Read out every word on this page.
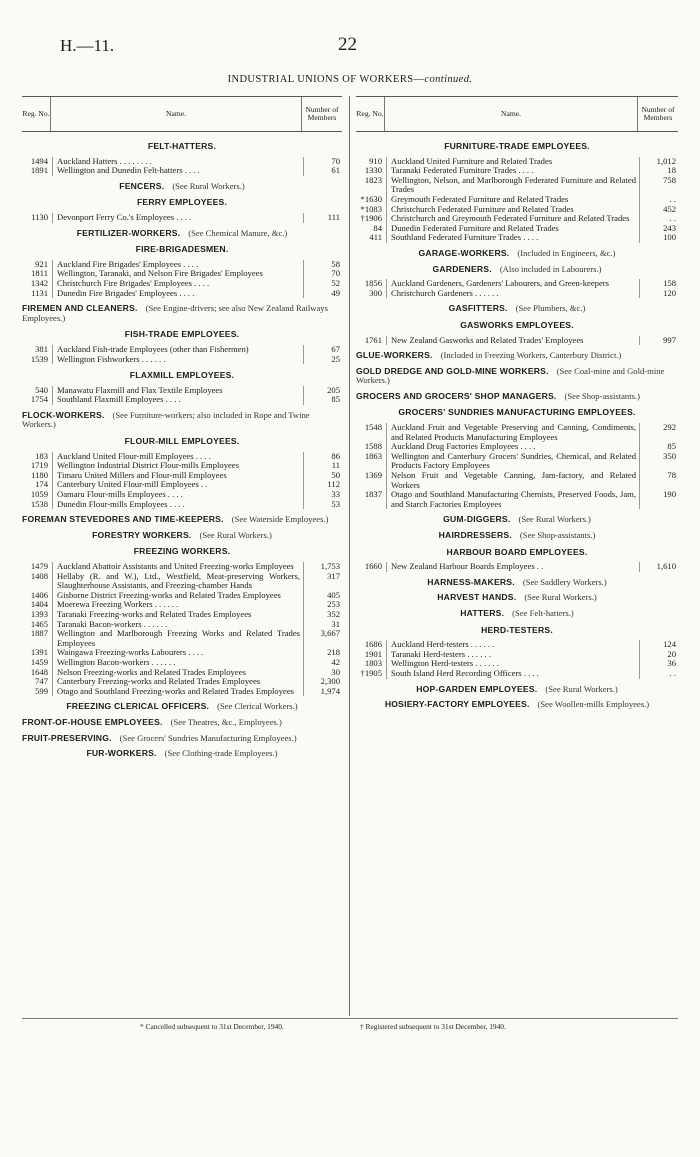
H.—11.	22
INDUSTRIAL UNIONS OF WORKERS—continued.
Reg. No.	Name.	Number of Members
FELT-HATTERS.
1494	Auckland Hatters . . . . . . . .	70
1891	Wellington and Dunedin Felt-hatters . . . .	61
FENCERS. (See Rural Workers.)
FERRY EMPLOYEES.
1130	Devonport Ferry Co.'s Employees . . . .	111
FERTILIZER-WORKERS. (See Chemical Manure, &c.)
FIRE-BRIGADESMEN.
921	Auckland Fire Brigades' Employees . . . .	58
1811	Wellington, Taranaki, and Nelson Fire Brigades' Employees	70
1342	Christchurch Fire Brigades' Employees . . . .	52
1131	Dunedin Fire Brigades' Employees . . . .	49
FIREMEN AND CLEANERS. (See Engine-drivers; see also New Zealand Railways Employees.)
FISH-TRADE EMPLOYEES.
381	Auckland Fish-trade Employees (other than Fishermen)	67
1539	Wellington Fishworkers . . . . . .	25
FLAXMILL EMPLOYEES.
540	Manawatu Flaxmill and Flax Textile Employees	205
1754	Southland Flaxmill Employees . . . .	85
FLOCK-WORKERS. (See Furniture-workers; also included in Rope and Twine Workers.)
FLOUR-MILL EMPLOYEES.
183	Auckland United Flour-mill Employees . . . .	86
1719	Wellington Industrial District Flour-mills Employees	11
1180	Timaru United Millers and Flour-mill Employees	50
174	Canterbury United Flour-mill Employees . .	112
1059	Oamaru Flour-mills Employees . . . .	33
1538	Dunedin Flour-mills Employees . . . .	53
FOREMAN STEVEDORES AND TIME-KEEPERS. (See Waterside Employees.)
FORESTRY WORKERS. (See Rural Workers.)
FREEZING WORKERS.
1479	Auckland Abattoir Assistants and United Freezing-works Employees	1,753
1408	Hellaby (R. and W.), Ltd., Westfield, Meat-preserving Workers, Slaughterhouse Assistants, and Freezing-chamber Hands
317
1406	Gisborne District Freezing-works and Related Trades Employees	405
1404	Moerewa Freezing Workers . . . . . .	253
1393	Taranaki Freezing-works and Related Trades Employees	352
1465	Taranaki Bacon-workers . . . . . .	31
1887	Wellington and Marlborough Freezing Works and Related Trades Employees
3,667
1391	Waingawa Freezing-works Labourers . . . .	218
1459	Wellington Bacon-workers . . . . . .	42
1648	Nelson Freezing-works and Related Trades Employees	30
747	Canterbury Freezing-works and Related Trades Employees	2,300
599	Otago and Southland Freezing-works and Related Trades Employees	1,974
FREEZING CLERICAL OFFICERS. (See Clerical Workers.)
FRONT-OF-HOUSE EMPLOYEES. (See Theatres, &c., Employees.)
FRUIT-PRESERVING. (See Grocers' Sundries Manufacturing Employees.)
FUR-WORKERS. (See Clothing-trade Employees.)
Reg. No.	Name.	Number of Members
FURNITURE-TRADE EMPLOYEES.
910	Auckland United Furniture and Related Trades	1,012
1330	Taranaki Federated Furniture Trades . . . .	18
1823	Wellington, Nelson, and Marlborough Federated Furniture and Related Trades
758
*1630	Greymouth Federated Furniture and Related Trades	. .
*1083	Christchurch Federated Furniture and Related Trades	452
†1906	Christchurch and Greymouth Federated Furniture and Related Trades	. .
84	Dunedin Federated Furniture and Related Trades	243
411	Southland Federated Furniture Trades . . . .	100
GARAGE-WORKERS. (Included in Engineers, &c.)
GARDENERS. (Also included in Labourers.)
1856	Auckland Gardeners, Gardeners' Labourers, and Green-keepers	158
300	Christchurch Gardeners . . . . . .	120
GASFITTERS. (See Plumbers, &c.)
GASWORKS EMPLOYEES.
1761	New Zealand Gasworks and Related Trades' Employees	997
GLUE-WORKERS. (Included in Freezing Workers, Canterbury District.)
GOLD DREDGE AND GOLD-MINE WORKERS. (See Coal-mine and Gold-mine Workers.)
GROCERS AND GROCERS' SHOP MANAGERS. (See Shop-assistants.)
GROCERS' SUNDRIES MANUFACTURING EMPLOYEES.
1548	Auckland Fruit and Vegetable Preserving and Canning, Condiments, and Related Products Manufacturing Employees
292
1588	Auckland Drug Factories Employees . . . .	85
1863	Wellington and Canterbury Grocers' Sundries, Chemical, and Related Products Factory Employees
350
1369	Nelson Fruit and Vegetable Canning, Jam-factory, and Related Workers
78
1837	Otago and Southland Manufacturing Chemists, Preserved Foods, Jam, and Starch Factories Employees
190
GUM-DIGGERS. (See Rural Workers.)
HAIRDRESSERS. (See Shop-assistants.)
HARBOUR BOARD EMPLOYEES.
1660	New Zealand Harbour Boards Employees . .	1,610
HARNESS-MAKERS. (See Saddlery Workers.)
HARVEST HANDS. (See Rural Workers.)
HATTERS. (See Felt-hatters.)
HERD-TESTERS.
1686	Auckland Herd-testers . . . . . .	124
1901	Taranaki Herd-testers . . . . . .	20
1803	Wellington Herd-testers . . . . . .	36
†1905	South Island Herd Recording Officers . . . .	. .
HOP-GARDEN EMPLOYEES. (See Rural Workers.)
HOSIERY-FACTORY EMPLOYEES. (See Woollen-mills Employees.)
* Cancelled subsequent to 31st December, 1940.	† Registered subsequent to 31st December, 1940.
